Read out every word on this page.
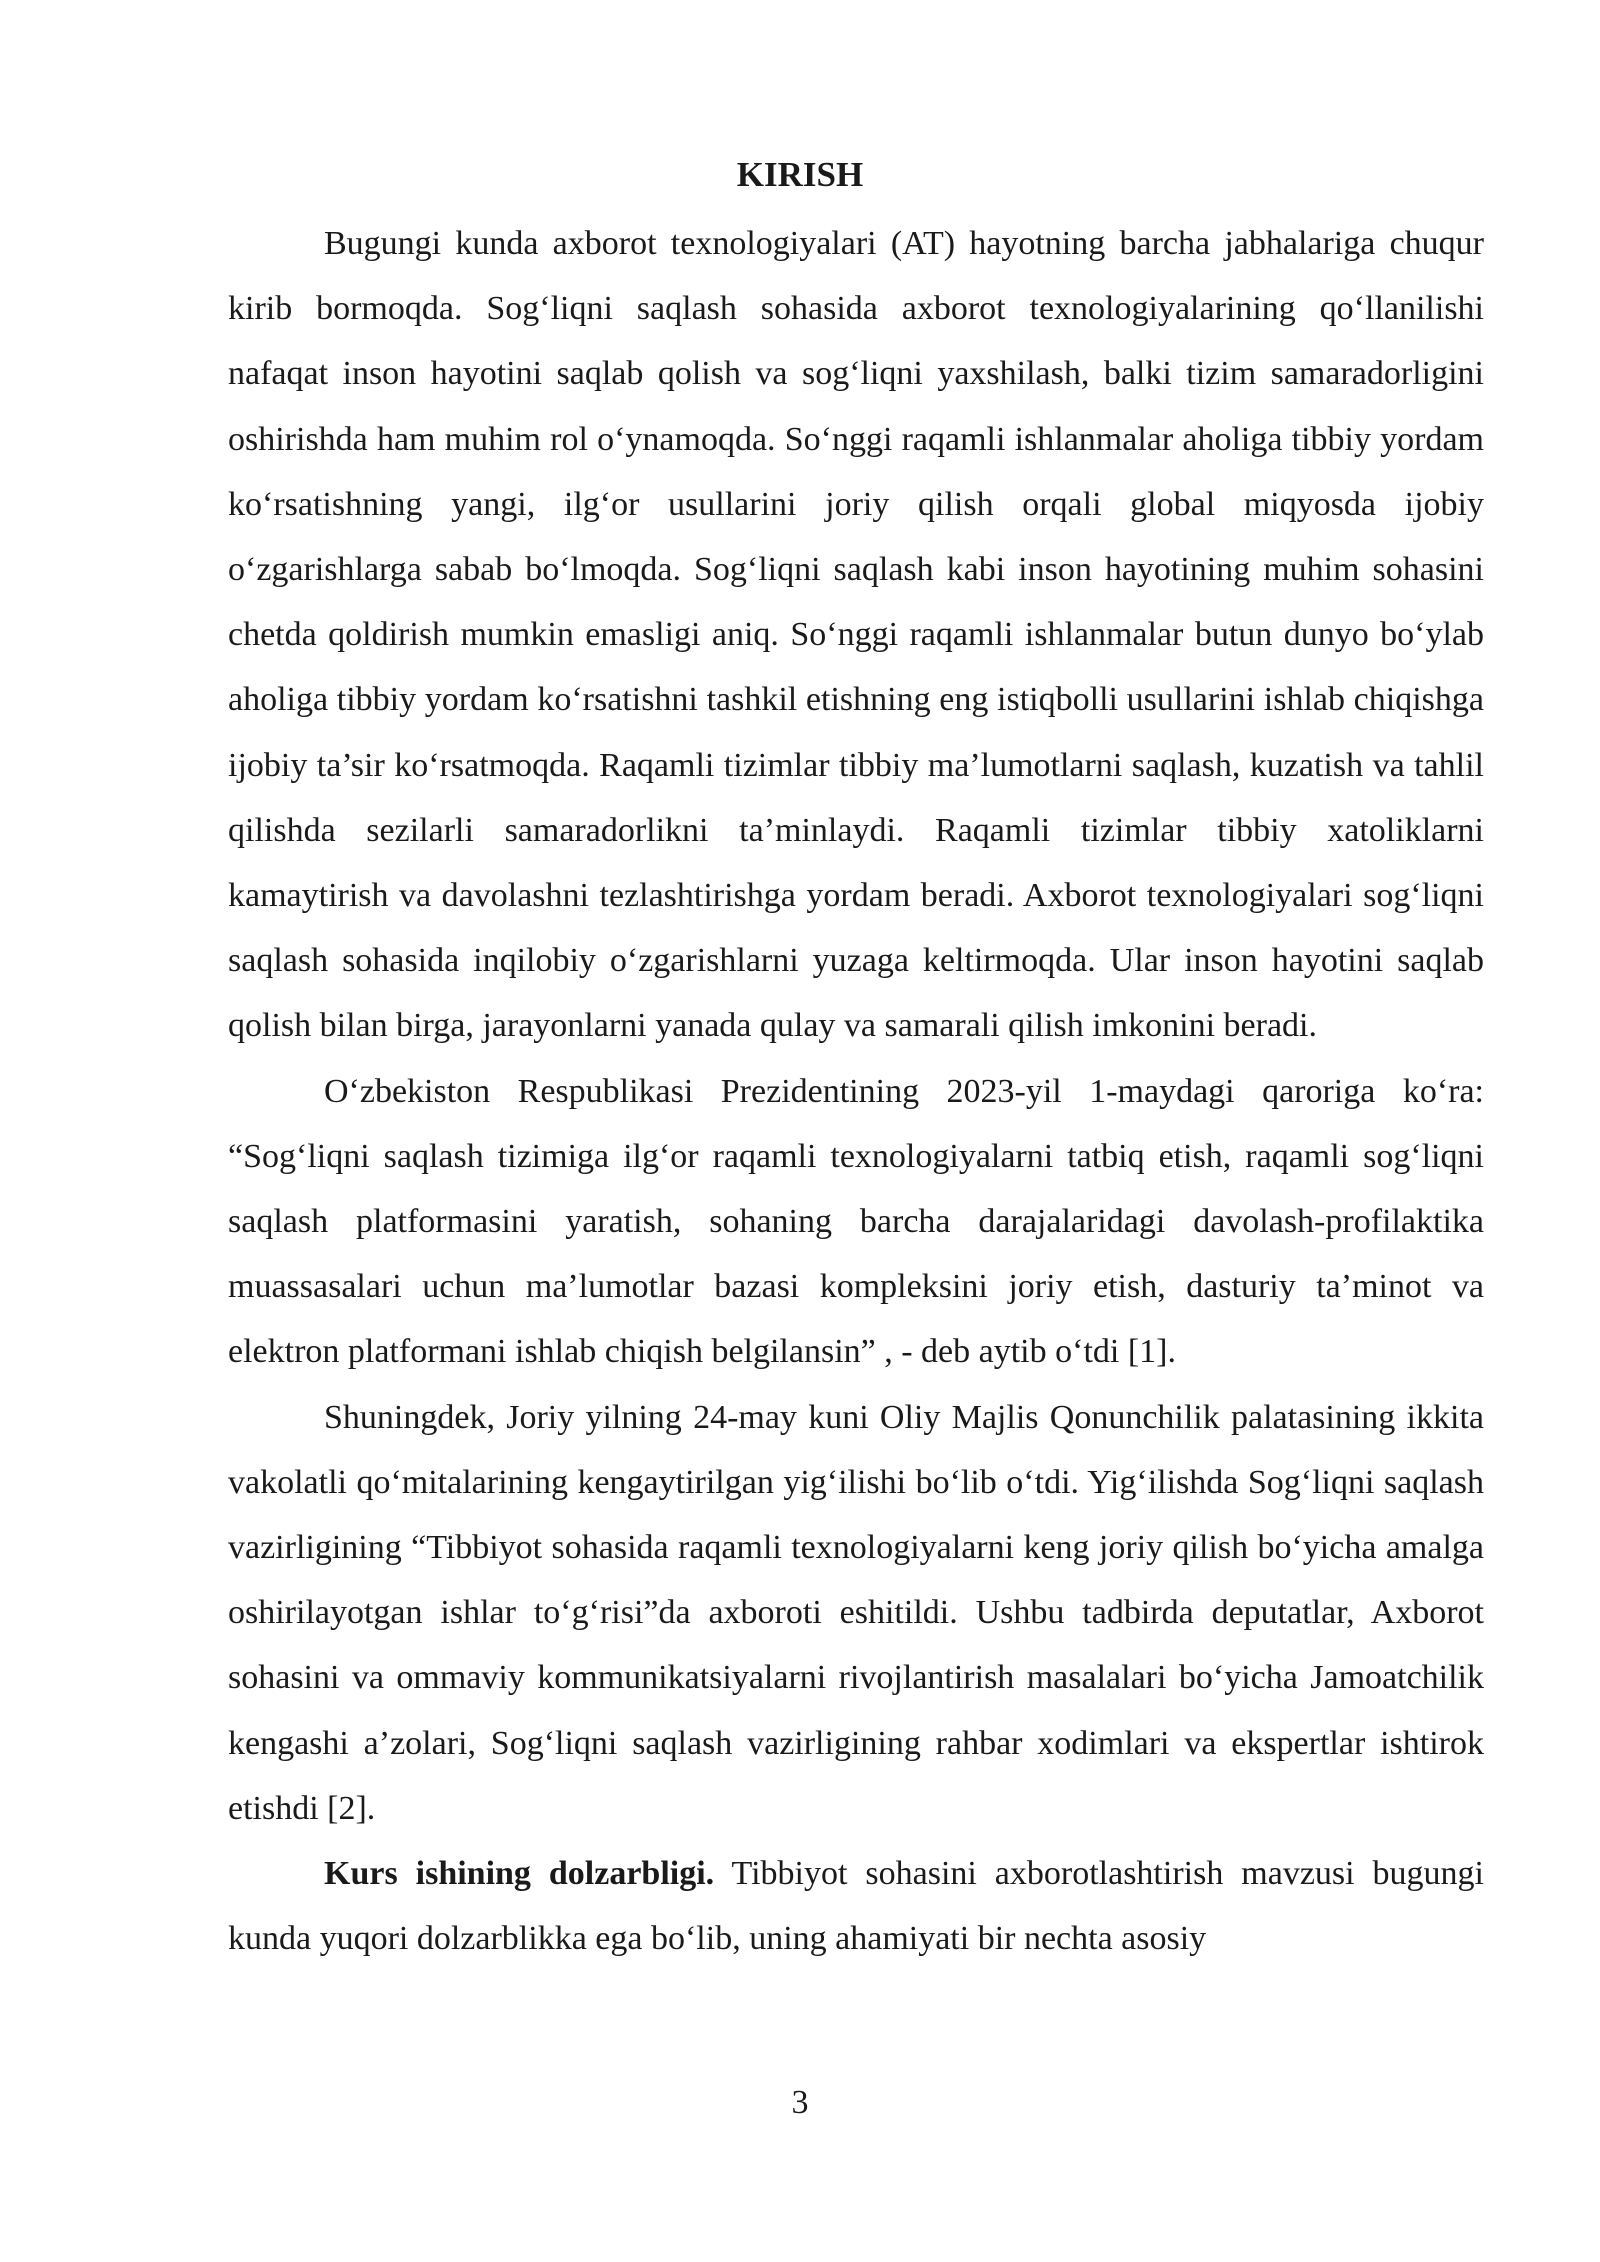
KIRISH

Bugungi kunda axborot texnologiyalari (AT) hayotning barcha jabhalariga chuqur kirib bormoqda. Sog‘liqni saqlash sohasida axborot texnologiyalarining qo‘llanilishi nafaqat inson hayotini saqlab qolish va sog‘liqni yaxshilash, balki tizim samaradorligini oshirishda ham muhim rol o‘ynamoqda. So‘nggi raqamli ishlanmalar aholiga tibbiy yordam ko‘rsatishning yangi, ilg‘or usullarini joriy qilish orqali global miqyosda ijobiy o‘zgarishlarga sabab bo‘lmoqda. Sog‘liqni saqlash kabi inson hayotining muhim sohasini chetda qoldirish mumkin emasligi aniq. So‘nggi raqamli ishlanmalar butun dunyo bo‘ylab aholiga tibbiy yordam ko‘rsatishni tashkil etishning eng istiqbolli usullarini ishlab chiqishga ijobiy ta’sir ko‘rsatmoqda. Raqamli tizimlar tibbiy ma’lumotlarni saqlash, kuzatish va tahlil qilishda sezilarli samaradorlikni ta’minlaydi. Raqamli tizimlar tibbiy xatoliklarni kamaytirish va davolashni tezlashtirishga yordam beradi. Axborot texnologiyalari sog‘liqni saqlash sohasida inqilobiy o‘zgarishlarni yuzaga keltirmoqda. Ular inson hayotini saqlab qolish bilan birga, jarayonlarni yanada qulay va samarali qilish imkonini beradi.

O‘zbekiston Respublikasi Prezidentining 2023-yil 1-maydagi qaroriga ko‘ra: “Sog‘liqni saqlash tizimiga ilg‘or raqamli texnologiyalarni tatbiq etish, raqamli sog‘liqni saqlash platformasini yaratish, sohaning barcha darajalaridagi davolash-profilaktika muassasalari uchun ma’lumotlar bazasi kompleksini joriy etish, dasturiy ta’minot va elektron platformani ishlab chiqish belgilansin” , - deb aytib o‘tdi [1].

Shuningdek, Joriy yilning 24-may kuni Oliy Majlis Qonunchilik palatasining ikkita vakolatli qo‘mitalarining kengaytirilgan yig‘ilishi bo‘lib o‘tdi. Yig‘ilishda Sog‘liqni saqlash vazirligining “Tibbiyot sohasida raqamli texnologiyalarni keng joriy qilish bo‘yicha amalga oshirilayotgan ishlar to‘g‘risi”da axboroti eshitildi. Ushbu tadbirda deputatlar, Axborot sohasini va ommaviy kommunikatsiyalarni rivojlantirish masalalari bo‘yicha Jamoatchilik kengashi a’zolari, Sog‘liqni saqlash vazirligining rahbar xodimlari va ekspertlar ishtirok etishdi [2].

Kurs ishining dolzarbligi. Tibbiyot sohasini axborotlashtirish mavzusi bugungi kunda yuqori dolzarblikka ega bo‘lib, uning ahamiyati bir nechta asosiy

3
